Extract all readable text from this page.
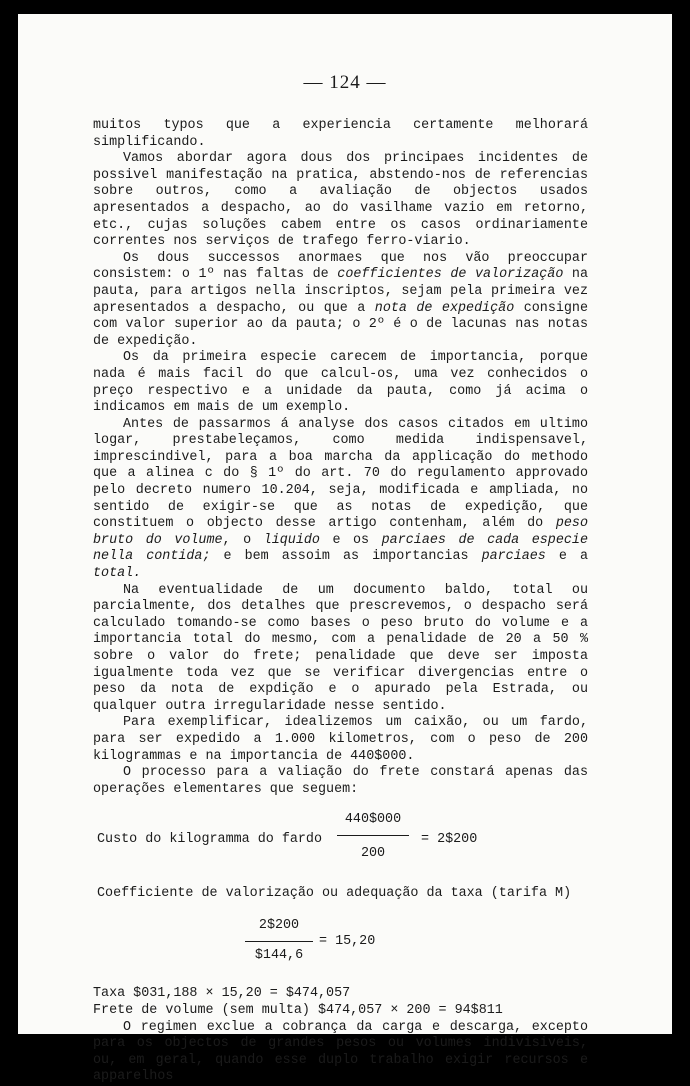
— 124 —

muitos typos que a experiencia certamente melhorará simplificando.

Vamos abordar agora dous dos principaes incidentes de possivel manifestação na pratica, abstendo-nos de referencias sobre outros, como a avaliação de objectos usados apresentados a despacho, ao do vasilhame vazio em retorno, etc., cujas soluções cabem entre os casos ordinariamente correntes nos serviços de trafego ferro-viario.

Os dous successos anormaes que nos vão preoccupar consistem: o 1º nas faltas de coefficientes de valorização na pauta, para artigos nella inscriptos, sejam pela primeira vez apresentados a despacho, ou que a nota de expedição consigne com valor superior ao da pauta; o 2º é o de lacunas nas notas de expedição.

Os da primeira especie carecem de importancia, porque nada é mais facil do que calcul-os, uma vez conhecidos o preço respectivo e a unidade da pauta, como já acima o indicamos em mais de um exemplo.

Antes de passarmos á analyse dos casos citados em ultimo logar, prestabeleçamos, como medida indispensavel, imprescindivel, para a boa marcha da applicação do methodo que a alinea c do § 1º do art. 70 do regulamento approvado pelo decreto numero 10.204, seja, modificada e ampliada, no sentido de exigir-se que as notas de expedição, que constituem o objecto desse artigo contenham, além do peso bruto do volume, o liquido e os parciaes de cada especie nella contida; e bem assoim as importancias parciaes e a total.

Na eventualidade de um documento baldo, total ou parcialmente, dos detalhes que prescrevemos, o despacho será calculado tomando-se como bases o peso bruto do volume e a importancia total do mesmo, com a penalidade de 20 a 50 % sobre o valor do frete; penalidade que deve ser imposta igualmente toda vez que se verificar divergencias entre o peso da nota de expdição e o apurado pela Estrada, ou qualquer outra irregularidade nesse sentido.

Para exemplificar, idealizemos um caixão, ou um fardo, para ser expedido a 1.000 kilometros, com o peso de 200 kilogrammas e na importancia de 440$000.

O processo para a valiação do frete constará apenas das operações elementares que seguem:

Custo do kilogramma do fardo
440$000
200
= 2$200
Coefficiente de valorização ou adequação da taxa (tarifa M)
2$200
$144,6
= 15,20
Taxa $031,188 × 15,20 = $474,057
Frete de volume (sem multa) $474,057 × 200 = 94$811

O regimen exclue a cobrança da carga e descarga, excepto para os objectos de grandes pesos ou volumes indivisiveis, ou, em geral, quando esse duplo trabalho exigir recursos e apparelhos
